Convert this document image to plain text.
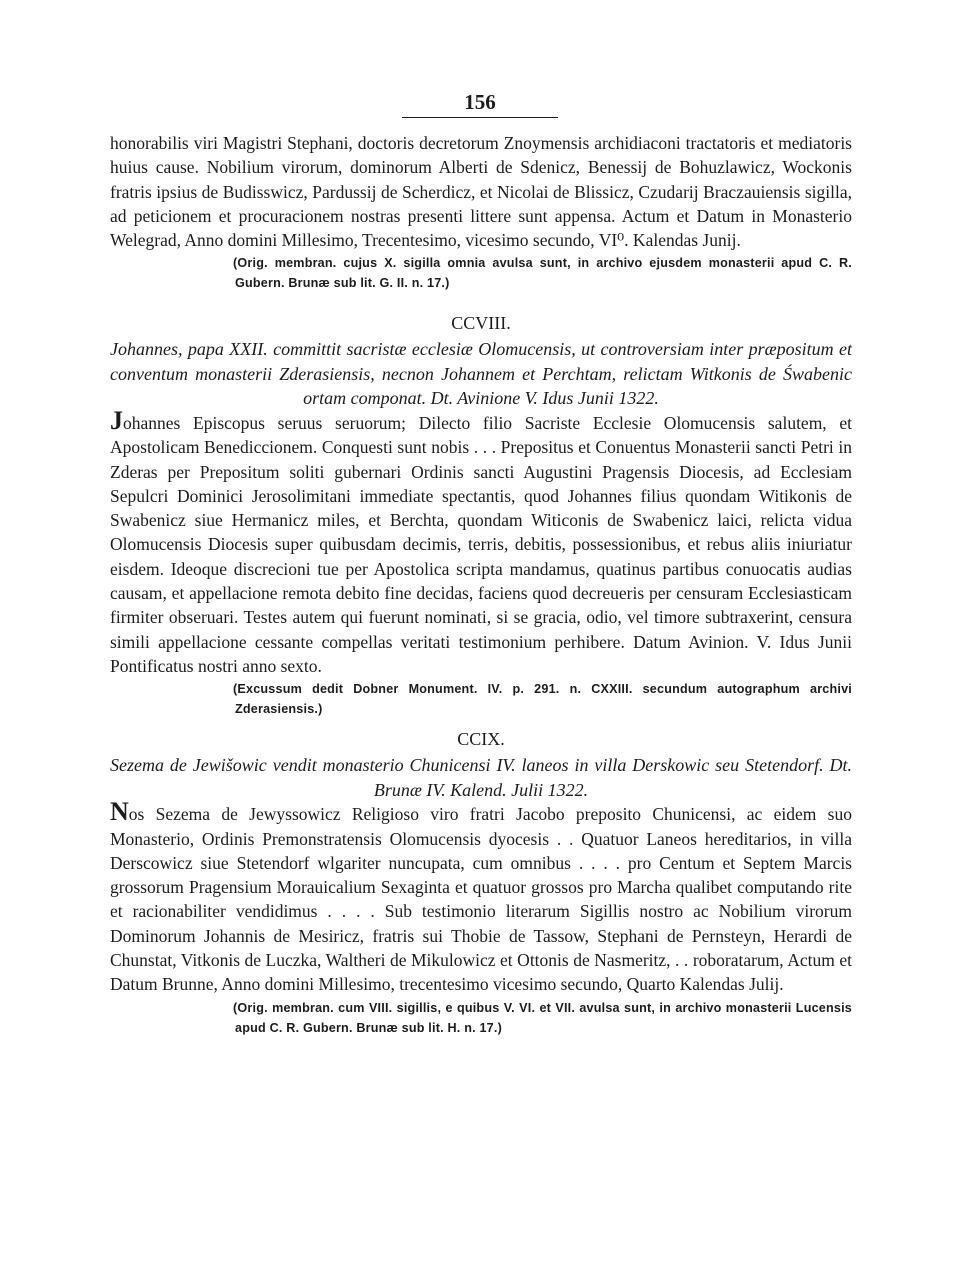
156

honorabilis viri Magistri Stephani, doctoris decretorum Znoymensis archidiaconi tractatoris et mediatoris huius cause. Nobilium virorum, dominorum Alberti de Sdenicz, Benessij de Bohuzlawicz, Wockonis fratris ipsius de Budisswicz, Pardussij de Scherdicz, et Nicolai de Blissicz, Czudarij Braczauiensis sigilla, ad peticionem et procuracionem nostras presenti littere sunt appensa. Actum et Datum in Monasterio Welegrad, Anno domini Millesimo, Trecentesimo, vicesimo secundo, VI⁰. Kalendas Junij.

(Orig. membran. cujus X. sigilla omnia avulsa sunt, in archivo ejusdem monasterii apud C. R. Gubern. Brunæ sub lit. G. II. n. 17.)

CCVIII.

Johannes, papa XXII. committit sacristæ ecclesiæ Olomucensis, ut controversiam inter præpositum et conventum monasterii Zderasiensis, necnon Johannem et Perchtam, relictam Witkonis de Śwabenic ortam componat. Dt. Avinione V. Idus Junii 1322.

Johannes Episcopus seruus seruorum; Dilecto filio Sacriste Ecclesie Olomucensis salutem, et Apostolicam Benediccionem. Conquesti sunt nobis . . . Prepositus et Conuentus Monasterii sancti Petri in Zderas per Prepositum soliti gubernari Ordinis sancti Augustini Pragensis Diocesis, ad Ecclesiam Sepulcri Dominici Jerosolimitani immediate spectantis, quod Johannes filius quondam Witikonis de Swabenicz siue Hermanicz miles, et Berchta, quondam Witiconis de Swabenicz laici, relicta vidua Olomucensis Diocesis super quibusdam decimis, terris, debitis, possessionibus, et rebus aliis iniuriatur eisdem. Ideoque discrecioni tue per Apostolica scripta mandamus, quatinus partibus conuocatis audias causam, et appellacione remota debito fine decidas, faciens quod decreueris per censuram Ecclesiasticam firmiter obseruari. Testes autem qui fuerunt nominati, si se gracia, odio, vel timore subtraxerint, censura simili appellacione cessante compellas veritati testimonium perhibere. Datum Avinion. V. Idus Junii Pontificatus nostri anno sexto.

(Excussum dedit Dobner Monument. IV. p. 291. n. CXXIII. secundum autographum archivi Zderasiensis.)

CCIX.

Sezema de Jewišowic vendit monasterio Chunicensi IV. laneos in villa Derskowic seu Stetendorf. Dt. Brunæ IV. Kalend. Julii 1322.

Nos Sezema de Jewyssowicz Religioso viro fratri Jacobo preposito Chunicensi, ac eidem suo Monasterio, Ordinis Premonstratensis Olomucensis dyocesis . . Quatuor Laneos hereditarios, in villa Derscowicz siue Stetendorf wlgariter nuncupata, cum omnibus . . . . pro Centum et Septem Marcis grossorum Pragensium Morauicalium Sexaginta et quatuor grossos pro Marcha qualibet computando rite et racionabiliter vendidimus . . . . Sub testimonio literarum Sigillis nostro ac Nobilium virorum Dominorum Johannis de Mesiricz, fratris sui Thobie de Tassow, Stephani de Pernsteyn, Herardi de Chunstat, Vitkonis de Luczka, Waltheri de Mikulowicz et Ottonis de Nasmeritz, . . roboratarum, Actum et Datum Brunne, Anno domini Millesimo, trecentesimo vicesimo secundo, Quarto Kalendas Julij.

(Orig. membran. cum VIII. sigillis, e quibus V. VI. et VII. avulsa sunt, in archivo monasterii Lucensis apud C. R. Gubern. Brunæ sub lit. H. n. 17.)
